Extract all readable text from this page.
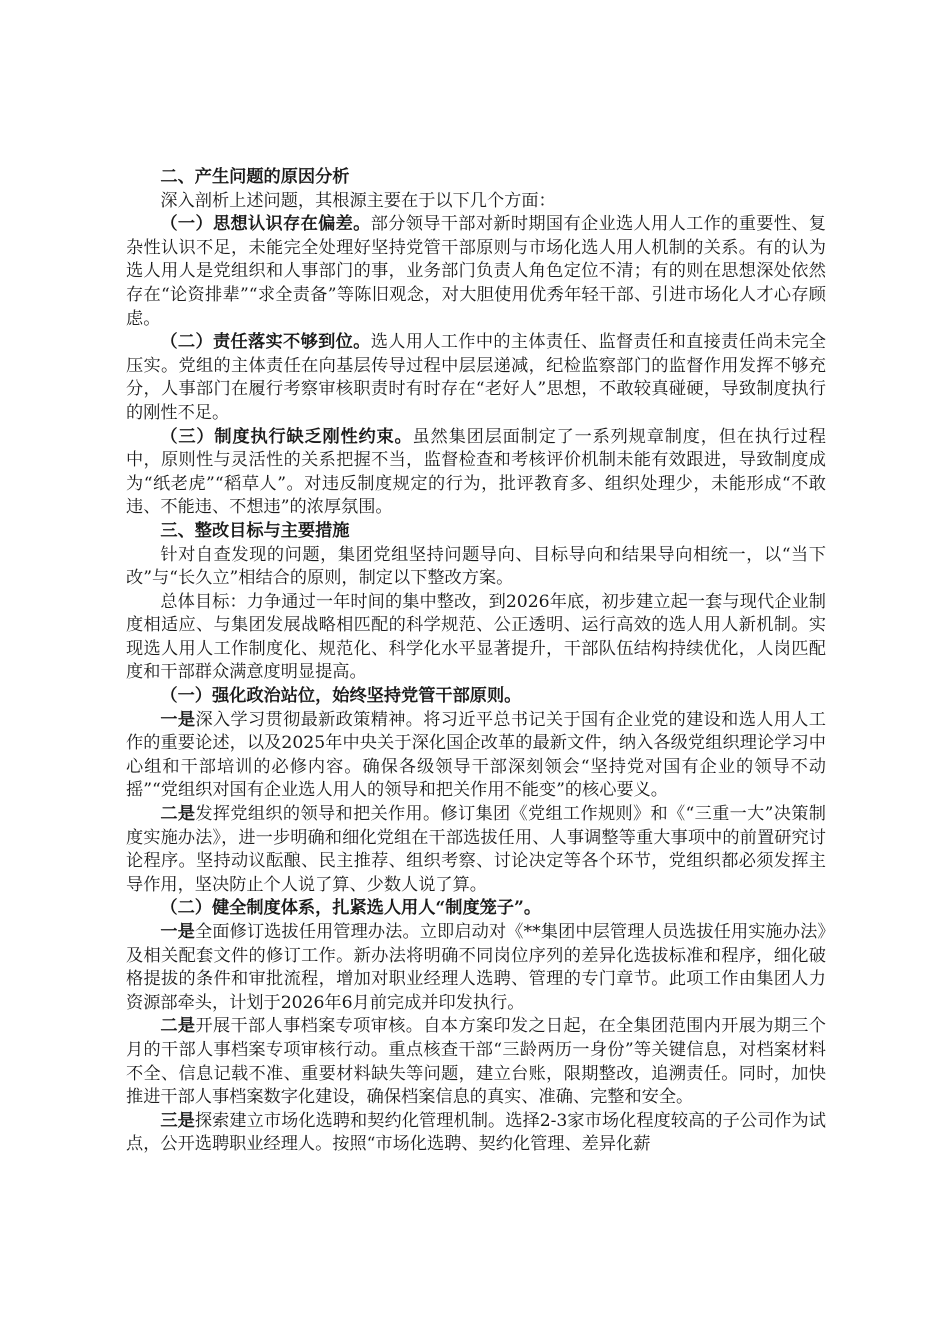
二、产生问题的原因分析

深入剖析上述问题，其根源主要在于以下几个方面：

（一）思想认识存在偏差。部分领导干部对新时期国有企业选人用人工作的重要性、复杂性认识不足，未能完全处理好坚持党管干部原则与市场化选人用人机制的关系。有的认为选人用人是党组织和人事部门的事，业务部门负责人角色定位不清；有的则在思想深处依然存在“论资排辈”“求全责备”等陈旧观念，对大胆使用优秀年轻干部、引进市场化人才心存顾虑。

（二）责任落实不够到位。选人用人工作中的主体责任、监督责任和直接责任尚未完全压实。党组的主体责任在向基层传导过程中层层递减，纪检监察部门的监督作用发挥不够充分，人事部门在履行考察审核职责时有时存在“老好人”思想，不敢较真碰硬，导致制度执行的刚性不足。

（三）制度执行缺乏刚性约束。虽然集团层面制定了一系列规章制度，但在执行过程中，原则性与灵活性的关系把握不当，监督检查和考核评价机制未能有效跟进，导致制度成为“纸老虎”“稻草人”。对违反制度规定的行为，批评教育多、组织处理少，未能形成“不敢违、不能违、不想违”的浓厚氛围。

三、整改目标与主要措施

针对自查发现的问题，集团党组坚持问题导向、目标导向和结果导向相统一，以“当下改”与“长久立”相结合的原则，制定以下整改方案。

总体目标：力争通过一年时间的集中整改，到2026年底，初步建立起一套与现代企业制度相适应、与集团发展战略相匹配的科学规范、公正透明、运行高效的选人用人新机制。实现选人用人工作制度化、规范化、科学化水平显著提升，干部队伍结构持续优化，人岗匹配度和干部群众满意度明显提高。

（一）强化政治站位，始终坚持党管干部原则。

一是深入学习贯彻最新政策精神。将习近平总书记关于国有企业党的建设和选人用人工作的重要论述，以及2025年中央关于深化国企改革的最新文件，纳入各级党组织理论学习中心组和干部培训的必修内容。确保各级领导干部深刻领会“坚持党对国有企业的领导不动摇”“党组织对国有企业选人用人的领导和把关作用不能变”的核心要义。

二是发挥党组织的领导和把关作用。修订集团《党组工作规则》和《“三重一大”决策制度实施办法》，进一步明确和细化党组在干部选拔任用、人事调整等重大事项中的前置研究讨论程序。坚持动议酝酿、民主推荐、组织考察、讨论决定等各个环节，党组织都必须发挥主导作用，坚决防止个人说了算、少数人说了算。

（二）健全制度体系，扎紧选人用人“制度笼子”。

一是全面修订选拔任用管理办法。立即启动对《**集团中层管理人员选拔任用实施办法》及相关配套文件的修订工作。新办法将明确不同岗位序列的差异化选拔标准和程序，细化破格提拔的条件和审批流程，增加对职业经理人选聘、管理的专门章节。此项工作由集团人力资源部牵头，计划于2026年6月前完成并印发执行。

二是开展干部人事档案专项审核。自本方案印发之日起，在全集团范围内开展为期三个月的干部人事档案专项审核行动。重点核查干部“三龄两历一身份”等关键信息，对档案材料不全、信息记载不准、重要材料缺失等问题，建立台账，限期整改，追溯责任。同时，加快推进干部人事档案数字化建设，确保档案信息的真实、准确、完整和安全。

三是探索建立市场化选聘和契约化管理机制。选择2-3家市场化程度较高的子公司作为试点，公开选聘职业经理人。按照“市场化选聘、契约化管理、差异化薪
